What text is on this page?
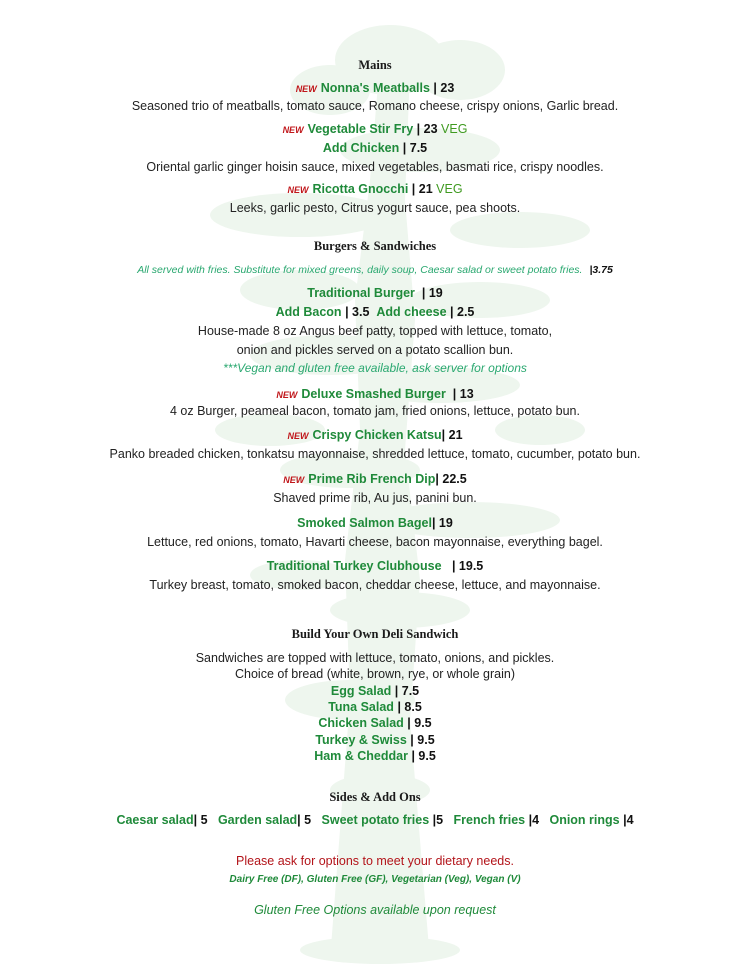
Mains
NEW Nonna's Meatballs | 23
Seasoned trio of meatballs, tomato sauce, Romano cheese, crispy onions, Garlic bread.
NEW Vegetable Stir Fry | 23 VEG
Add Chicken | 7.5
Oriental garlic ginger hoisin sauce, mixed vegetables, basmati rice, crispy noodles.
NEW Ricotta Gnocchi | 21 VEG
Leeks, garlic pesto, Citrus yogurt sauce, pea shoots.
Burgers & Sandwiches
All served with fries. Substitute for mixed greens, daily soup, Caesar salad or sweet potato fries. |3.75
Traditional Burger | 19
Add Bacon | 3.5 Add cheese | 2.5
House-made 8 oz Angus beef patty, topped with lettuce, tomato,
onion and pickles served on a potato scallion bun.
***Vegan and gluten free available, ask server for options
NEW Deluxe Smashed Burger | 13
4 oz Burger, peameal bacon, tomato jam, fried onions, lettuce, potato bun.
NEW Crispy Chicken Katsu| 21
Panko breaded chicken, tonkatsu mayonnaise, shredded lettuce, tomato, cucumber, potato bun.
NEW Prime Rib French Dip| 22.5
Shaved prime rib, Au jus, panini bun.
Smoked Salmon Bagel| 19
Lettuce, red onions, tomato, Havarti cheese, bacon mayonnaise, everything bagel.
Traditional Turkey Clubhouse | 19.5
Turkey breast, tomato, smoked bacon, cheddar cheese, lettuce, and mayonnaise.
Build Your Own Deli Sandwich
Sandwiches are topped with lettuce, tomato, onions, and pickles.
Choice of bread (white, brown, rye, or whole grain)
Egg Salad | 7.5
Tuna Salad | 8.5
Chicken Salad | 9.5
Turkey & Swiss | 9.5
Ham & Cheddar | 9.5
Sides & Add Ons
Caesar salad| 5 Garden salad| 5 Sweet potato fries |5 French fries |4 Onion rings |4
Please ask for options to meet your dietary needs.
Dairy Free (DF), Gluten Free (GF), Vegetarian (Veg), Vegan (V)
Gluten Free Options available upon request
